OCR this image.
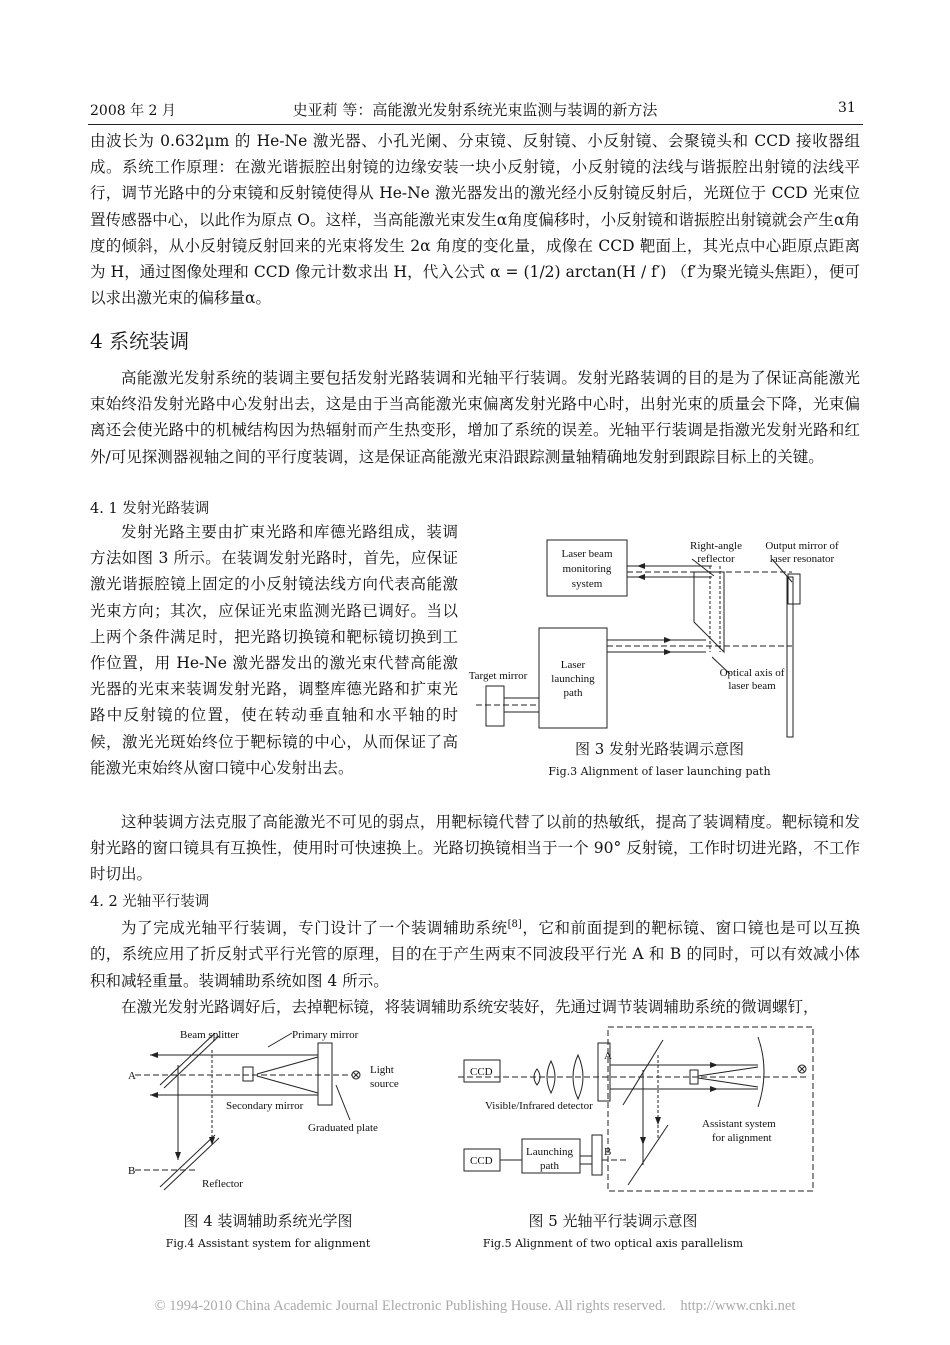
2008 年 2 月	史亚莉 等：高能激光发射系统光束监测与装调的新方法	31

由波长为 0.632μm 的 He-Ne 激光器、小孔光阑、分束镜、反射镜、小反射镜、会聚镜头和 CCD 接收器组成。系统工作原理：在激光谐振腔出射镜的边缘安装一块小反射镜，小反射镜的法线与谐振腔出射镜的法线平行，调节光路中的分束镜和反射镜使得从 He-Ne 激光器发出的激光经小反射镜反射后，光斑位于 CCD 光束位置传感器中心，以此作为原点 O。这样，当高能激光束发生α角度偏移时，小反射镜和谐振腔出射镜就会产生α角度的倾斜，从小反射镜反射回来的光束将发生 2α 角度的变化量，成像在 CCD 靶面上，其光点中心距原点距离为 H，通过图像处理和 CCD 像元计数求出 H，代入公式 α = (1/2) arctan(H / f′) （f′为聚光镜头焦距），便可以求出激光束的偏移量α。

4 系统装调

高能激光发射系统的装调主要包括发射光路装调和光轴平行装调。发射光路装调的目的是为了保证高能激光束始终沿发射光路中心发射出去，这是由于当高能激光束偏离发射光路中心时，出射光束的质量会下降，光束偏离还会使光路中的机械结构因为热辐射而产生热变形，增加了系统的误差。光轴平行装调是指激光发射光路和红外/可见探测器视轴之间的平行度装调，这是保证高能激光束沿跟踪测量轴精确地发射到跟踪目标上的关键。

4. 1 发射光路装调

发射光路主要由扩束光路和库德光路组成，装调方法如图 3 所示。在装调发射光路时，首先，应保证激光谐振腔镜上固定的小反射镜法线方向代表高能激光束方向；其次，应保证光束监测光路已调好。当以上两个条件满足时，把光路切换镜和靶标镜切换到工作位置，用 He-Ne 激光器发出的激光束代替高能激光器的光束来装调发射光路，调整库德光路和扩束光路中反射镜的位置，使在转动垂直轴和水平轴的时候，激光光斑始终位于靶标镜的中心，从而保证了高能激光束始终从窗口镜中心发射出去。

Laser beam
monitoring
system
Right-angle
reflector
Output mirror of
laser resonator
Target mirror
Laser
launching
path
Optical axis of
laser beam
图 3 发射光路装调示意图
Fig.3 Alignment of laser launching path

这种装调方法克服了高能激光不可见的弱点，用靶标镜代替了以前的热敏纸，提高了装调精度。靶标镜和发射光路的窗口镜具有互换性，使用时可快速换上。光路切换镜相当于一个 90° 反射镜，工作时切进光路，不工作时切出。

4. 2 光轴平行装调

为了完成光轴平行装调，专门设计了一个装调辅助系统[8]，它和前面提到的靶标镜、窗口镜也是可以互换的，系统应用了折反射式平行光管的原理，目的在于产生两束不同波段平行光 A 和 B 的同时，可以有效减小体积和减轻重量。装调辅助系统如图 4 所示。

在激光发射光路调好后，去掉靶标镜，将装调辅助系统安装好，先通过调节装调辅助系统的微调螺钉，

Beam splitter	Primary mirror
Light
source
A
Secondary mirror
Graduated plate
B
Reflector
图 4 装调辅助系统光学图
Fig.4 Assistant system for alignment
CCD
A
Visible/Infrared detector
Assistant system
for alignment
Launching
path
B
CCD
图 5 光轴平行装调示意图
Fig.5 Alignment of two optical axis parallelism
© 1994-2010 China Academic Journal Electronic Publishing House. All rights reserved.    http://www.cnki.net
